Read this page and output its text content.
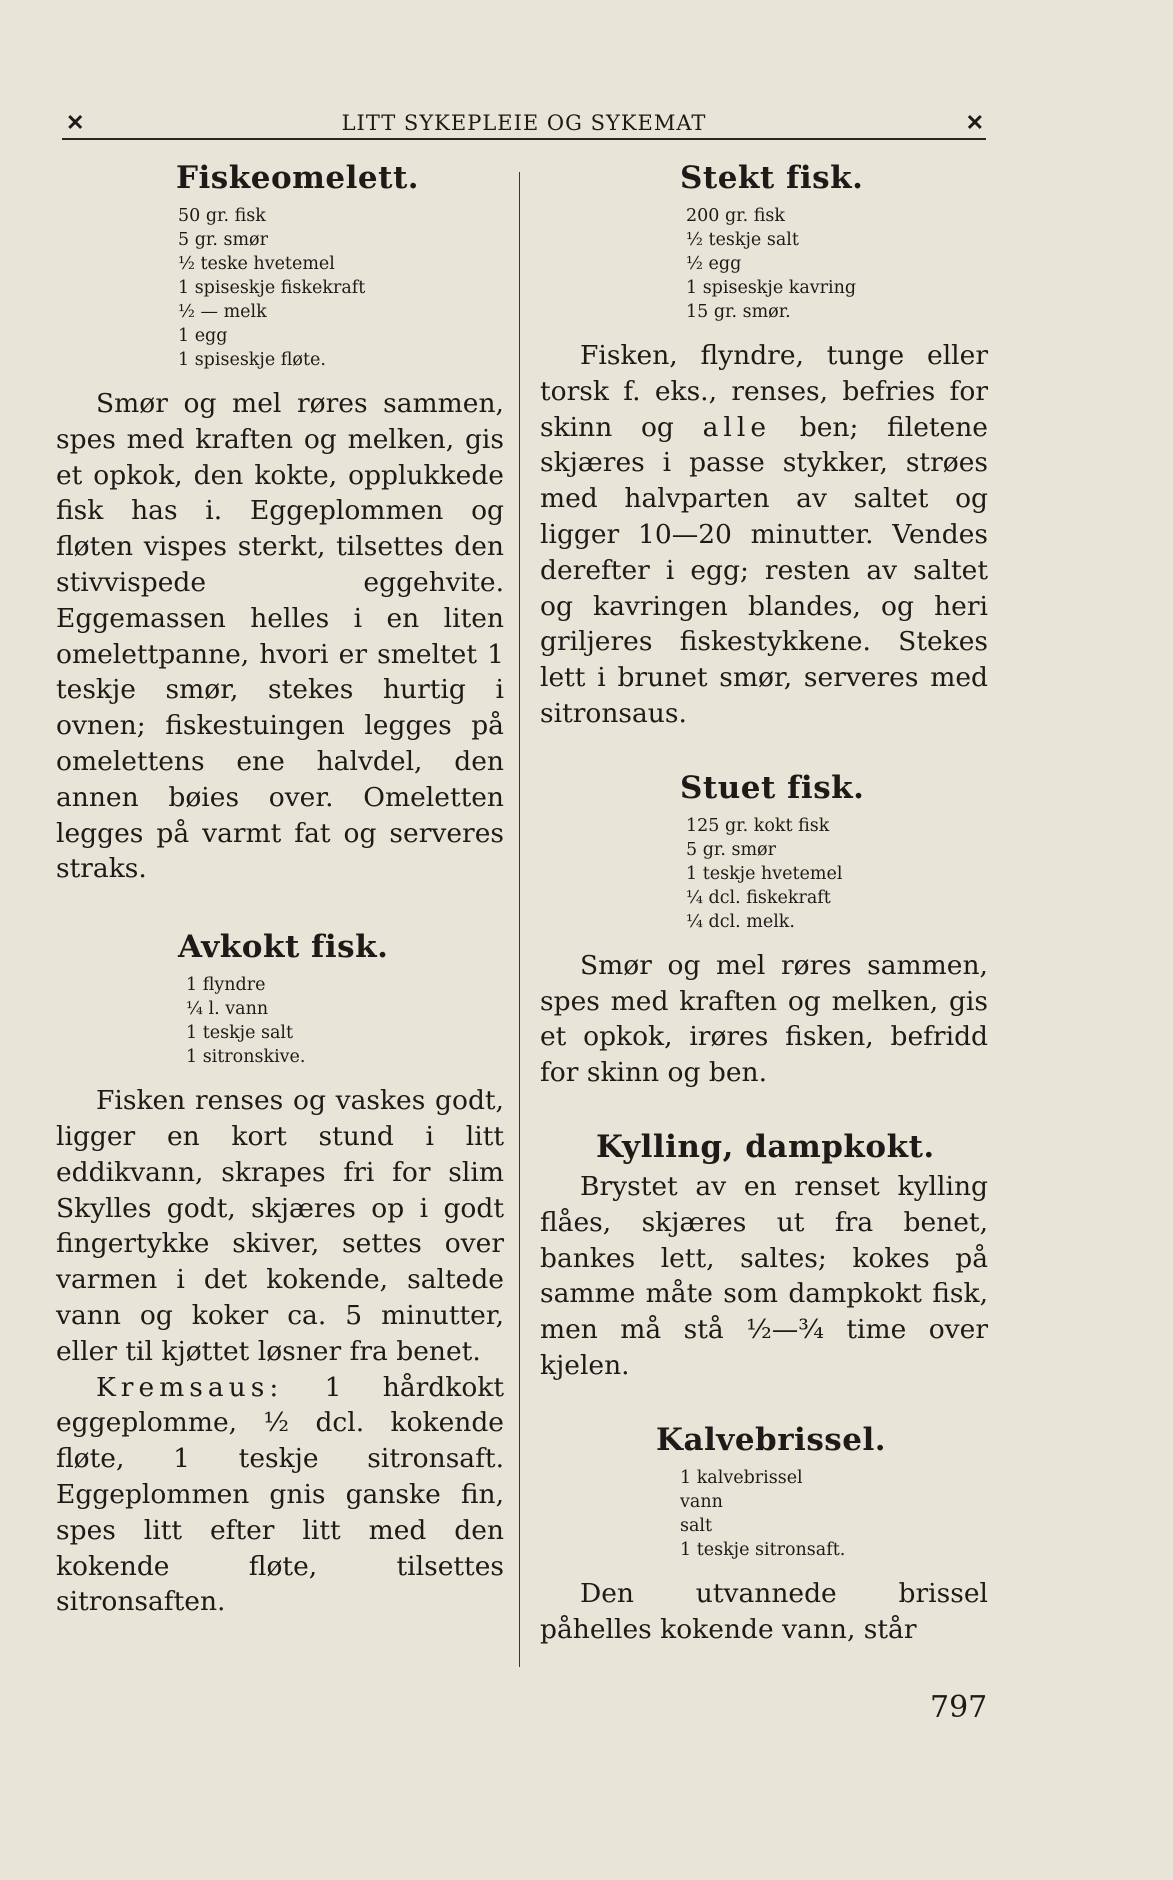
✕	LITT SYKEPLEIE OG SYKEMAT	✕
Fiskeomelett.
50 gr. fisk
5 gr. smør
½ teske hvetemel
1 spiseskje fiskekraft
½ — melk
1 egg
1 spiseskje fløte.

Smør og mel røres sammen, spes med kraften og melken, gis et opkok, den kokte, opplukkede fisk has i. Eggeplommen og fløten vispes sterkt, tilsettes den stivvispede eggehvite. Eggemassen helles i en liten omelettpanne, hvori er smeltet 1 teskje smør, stekes hurtig i ovnen; fiskestuingen legges på omelettens ene halvdel, den annen bøies over. Omeletten legges på varmt fat og serveres straks.

Avkokt fisk.
1 flyndre
¼ l. vann
1 teskje salt
1 sitronskive.

Fisken renses og vaskes godt, ligger en kort stund i litt eddikvann, skrapes fri for slim Skylles godt, skjæres op i godt fingertykke skiver, settes over varmen i det kokende, saltede vann og koker ca. 5 minutter, eller til kjøttet løsner fra benet.

Kremsaus: 1 hårdkokt eggeplomme, ½ dcl. kokende fløte, 1 teskje sitronsaft. Eggeplommen gnis ganske fin, spes litt efter litt med den kokende fløte, tilsettes sitronsaften.

Stekt fisk.
200 gr. fisk
½ teskje salt
½ egg
1 spiseskje kavring
15 gr. smør.

Fisken, flyndre, tunge eller torsk f. eks., renses, befries for skinn og alle ben; filetene skjæres i passe stykker, strøes med halvparten av saltet og ligger 10—20 minutter. Vendes derefter i egg; resten av saltet og kavringen blandes, og heri griljeres fiskestykkene. Stekes lett i brunet smør, serveres med sitronsaus.

Stuet fisk.
125 gr. kokt fisk
5 gr. smør
1 teskje hvetemel
¼ dcl. fiskekraft
¼ dcl. melk.

Smør og mel røres sammen, spes med kraften og melken, gis et opkok, irøres fisken, befridd for skinn og ben.

Kylling, dampkokt.

Brystet av en renset kylling flåes, skjæres ut fra benet, bankes lett, saltes; kokes på samme måte som dampkokt fisk, men må stå ½—¾ time over kjelen.

Kalvebrissel.
1 kalvebrissel
vann
salt
1 teskje sitronsaft.

Den utvannede brissel påhelles kokende vann, står

797
